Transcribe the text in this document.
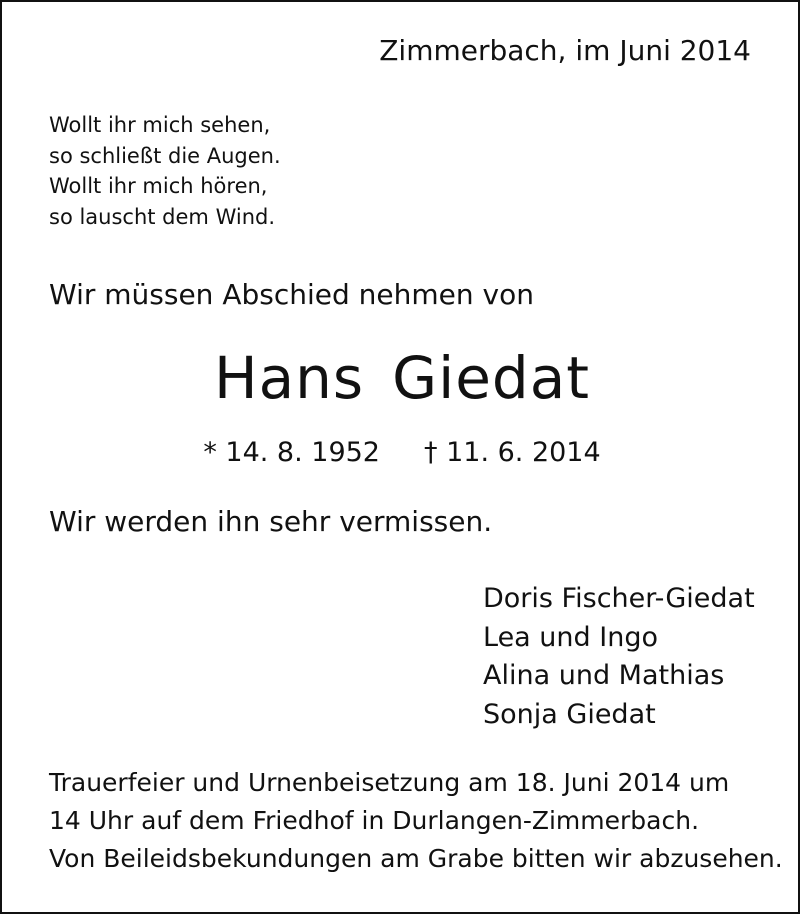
Zimmerbach, im Juni 2014
Wollt ihr mich sehen,
so schließt die Augen.
Wollt ihr mich hören,
so lauscht dem Wind.
Wir müssen Abschied nehmen von
Hans Giedat
* 14. 8. 1952 † 11. 6. 2014
Wir werden ihn sehr vermissen.
Doris Fischer-Giedat
Lea und Ingo
Alina und Mathias
Sonja Giedat
Trauerfeier und Urnenbeisetzung am 18. Juni 2014 um
14 Uhr auf dem Friedhof in Durlangen-Zimmerbach.
Von Beileidsbekundungen am Grabe bitten wir abzusehen.
